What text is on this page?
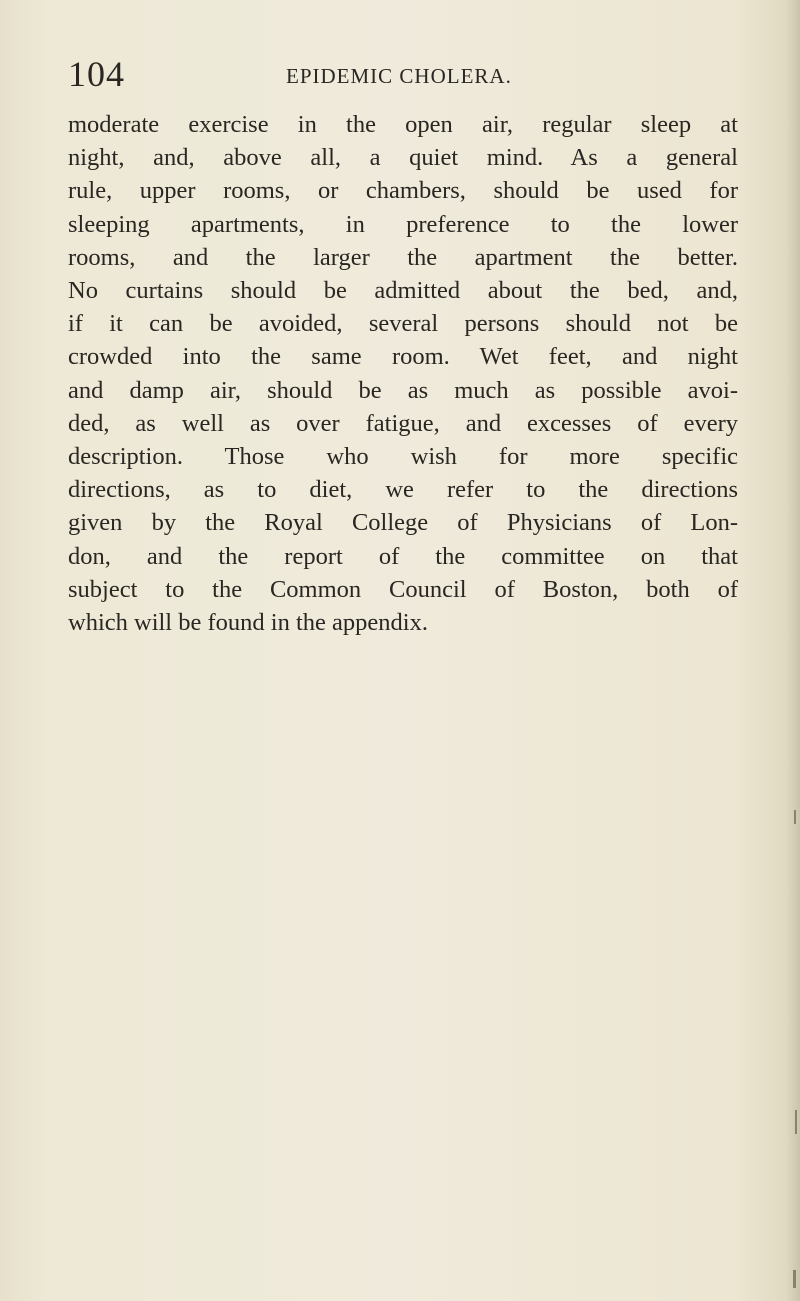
104	EPIDEMIC CHOLERA.
moderate exercise in the open air, regular sleep at
night, and, above all, a quiet mind. As a general
rule, upper rooms, or chambers, should be used for
sleeping apartments, in preference to the lower
rooms, and the larger the apartment the better.
No curtains should be admitted about the bed, and,
if it can be avoided, several persons should not be
crowded into the same room. Wet feet, and night
and damp air, should be as much as possible avoi-
ded, as well as over fatigue, and excesses of every
description. Those who wish for more specific
directions, as to diet, we refer to the directions
given by the Royal College of Physicians of Lon-
don, and the report of the committee on that
subject to the Common Council of Boston, both of
which will be found in the appendix.
